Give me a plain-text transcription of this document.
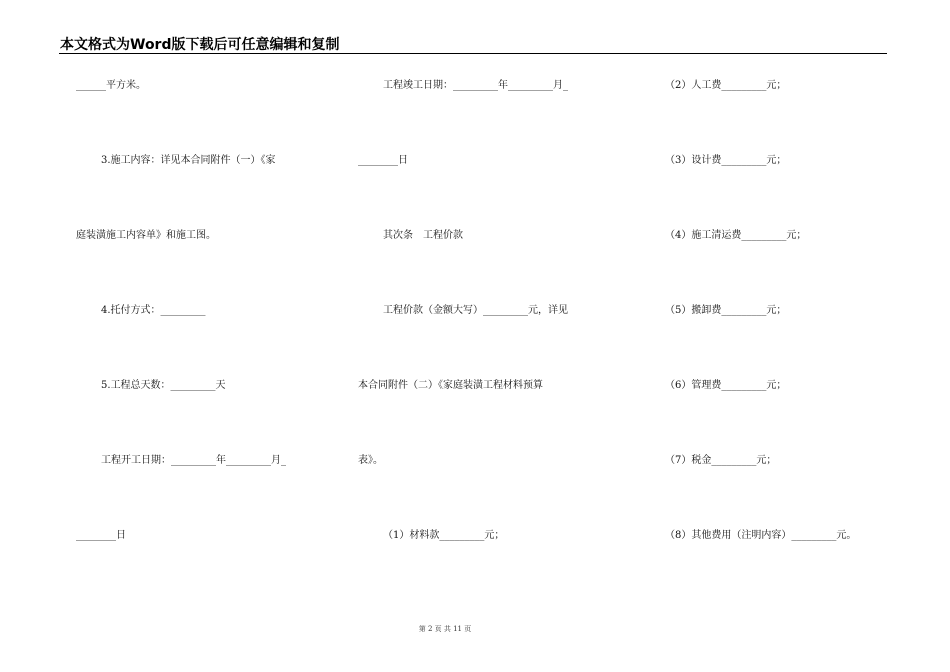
本文格式为Word版下载后可任意编辑和复制
______平方米。
3.施工内容：详见本合同附件（一）《家
庭装潢施工内容单》和施工图。
4.托付方式：_________
5.工程总天数：_________天
工程开工日期：_________年_________月_
________日
工程竣工日期：_________年_________月_
________日
其次条　工程价款
工程价款（金额大写）_________元，详见
本合同附件（二）《家庭装潢工程材料预算
表》。
（1）材料款_________元；
（2）人工费_________元；
（3）设计费_________元；
（4）施工清运费_________元；
（5）搬卸费_________元；
（6）管理费_________元；
（7）税金_________元；
（8）其他费用（注明内容）_________元。
第 2 页 共 11 页
